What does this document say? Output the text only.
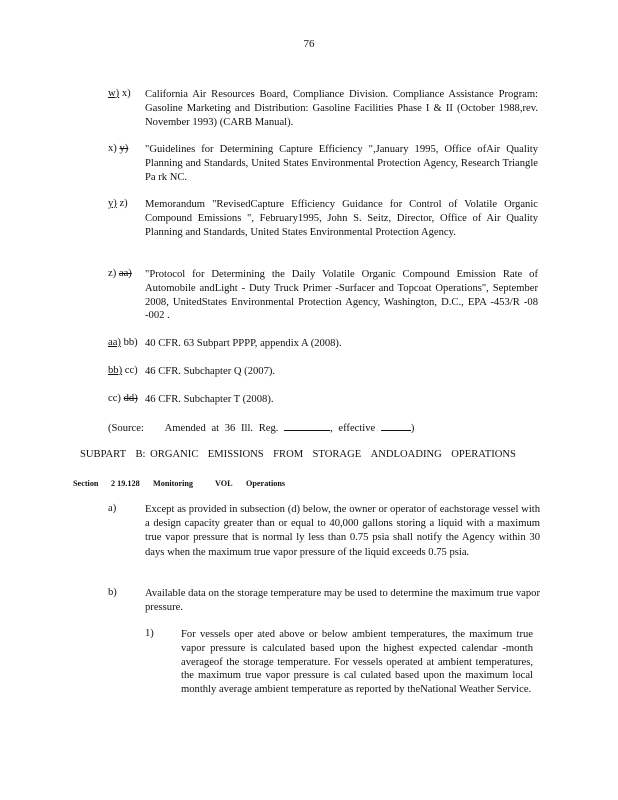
76
w) x)	California Air Resources Board, Compliance Division. Compliance Assistance Program: Gasoline Marketing and Distribution: Gasoline Facilities Phase I & II (October 1988,rev. November 1993) (CARB Manual).
x) y)	"Guidelines for Determining Capture Efficiency ",January 1995, Office ofAir Quality Planning and Standards, United States Environmental Protection Agency, Research Triangle Pa rk NC.
y) z)	Memorandum "RevisedCapture Efficiency Guidance for Control of Volatile Organic Compound Emissions ", February1995, John S. Seitz, Director, Office of Air Quality Planning and Standards, United States Environmental Protection Agency.
z) aa)	"Protocol for Determining the Daily Volatile Organic Compound Emission Rate of Automobile andLight - Duty Truck Primer -Surfacer and Topcoat Operations", September 2008, UnitedStates Environmental Protection Agency, Washington, D.C., EPA -453/R -08 -002 .
aa) bb) 40 CFR. 63 Subpart PPPP, appendix A (2008).
bb) cc) 46 CFR. Subchapter Q (2007).
cc) dd) 46 CFR. Subchapter T (2008).
(Source: Amended at 36 Ill. Reg.	, effective	)
SUBPART B: ORGANIC EMISSIONS FROM STORAGE ANDLOADING OPERATIONS
Section 2 19.128 Monitoring	VOL Operations
a)	Except as provided in subsection (d) below, the owner or operator of eachstorage vessel with a design capacity greater than or equal to 40,000 gallons storing a liquid with a maximum true vapor pressure that is normal ly less than 0.75 psia shall notify the Agency within 30 days when the maximum true vapor pressure of the liquid exceeds 0.75 psia.
b)	Available data on the storage temperature may be used to determine the maximum true vapor pressure.
1)	For vessels oper ated above or below ambient temperatures, the maximum true vapor pressure is calculated based upon the highest expected calendar -month averageof the storage temperature. For vessels operated at ambient temperatures, the maximum true vapor pressure is cal culated based upon the maximum local monthly average ambient temperature as reported by theNational Weather Service.
